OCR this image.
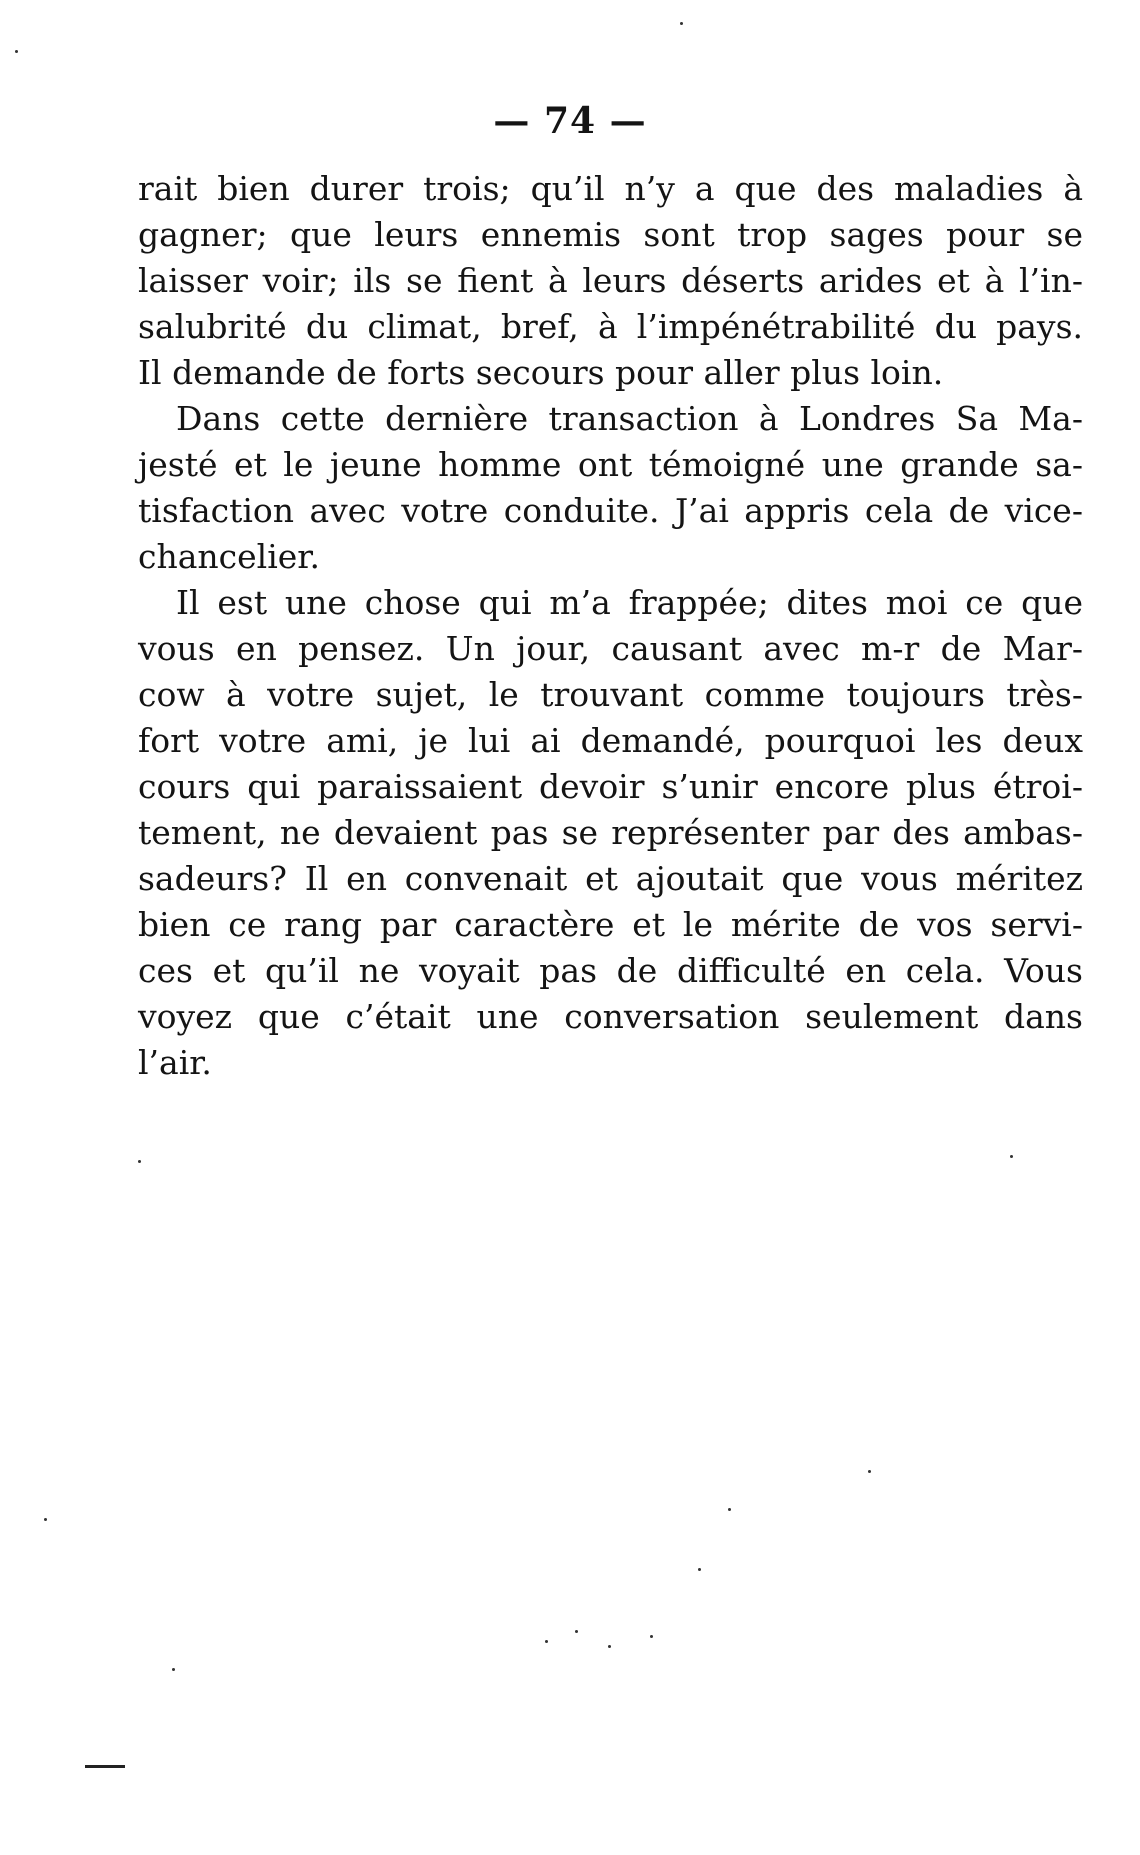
— 74 —
rait bien durer trois; qu’il n’y a que des maladies à
gagner; que leurs ennemis sont trop sages pour se
laisser voir; ils se fient à leurs déserts arides et à l’in-
salubrité du climat, bref, à l’impénétrabilité du pays.
Il demande de forts secours pour aller plus loin.
Dans cette dernière transaction à Londres Sa Ma-
jesté et le jeune homme ont témoigné une grande sa-
tisfaction avec votre conduite. J’ai appris cela de vice-
chancelier.
Il est une chose qui m’a frappée; dites moi ce que
vous en pensez. Un jour, causant avec m-r de Mar-
cow à votre sujet, le trouvant comme toujours très-
fort votre ami, je lui ai demandé, pourquoi les deux
cours qui paraissaient devoir s’unir encore plus étroi-
tement, ne devaient pas se représenter par des ambas-
sadeurs? Il en convenait et ajoutait que vous méritez
bien ce rang par caractère et le mérite de vos servi-
ces et qu’il ne voyait pas de difficulté en cela. Vous
voyez que c’était une conversation seulement dans
l’air.
